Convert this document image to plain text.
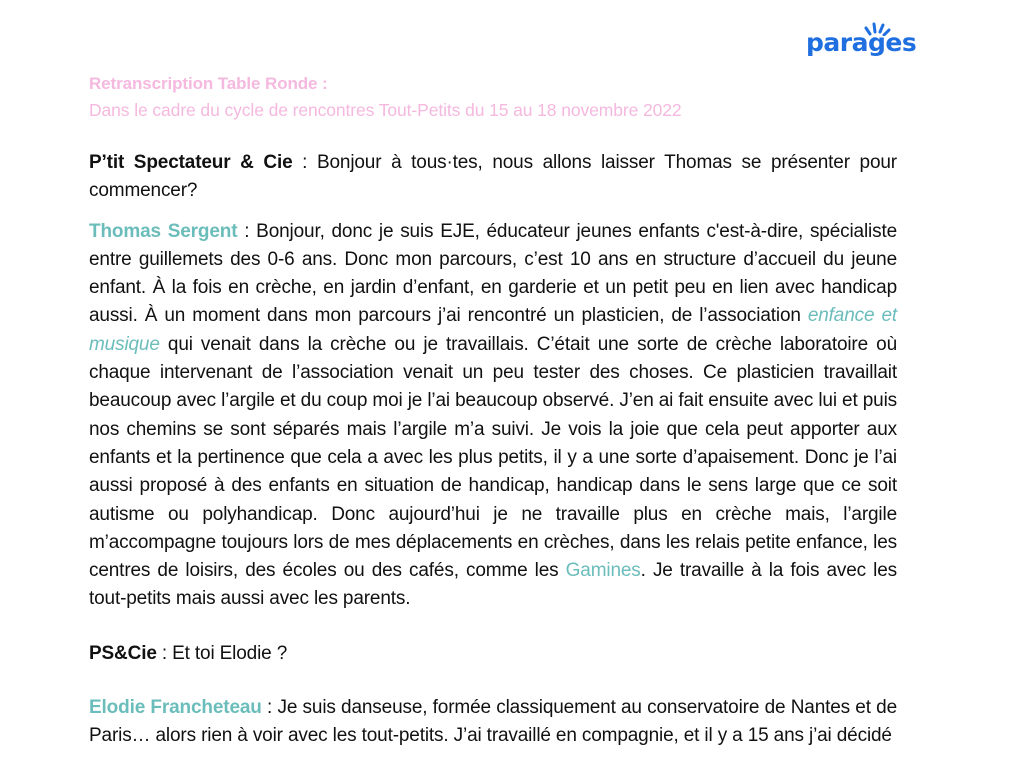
parages
Retranscription Table Ronde :
Dans le cadre du cycle de rencontres Tout-Petits du 15 au 18 novembre 2022

P’tit Spectateur & Cie : Bonjour à tous·tes, nous allons laisser Thomas se présenter pour commencer?

Thomas Sergent : Bonjour, donc je suis EJE, éducateur jeunes enfants c'est-à-dire, spécialiste entre guillemets des 0-6 ans. Donc mon parcours, c’est 10 ans en structure d’accueil du jeune enfant. À la fois en crèche, en jardin d’enfant, en garderie et un petit peu en lien avec handicap aussi. À un moment dans mon parcours j’ai rencontré un plasticien, de l’association enfance et musique qui venait dans la crèche ou je travaillais. C’était une sorte de crèche laboratoire où chaque intervenant de l’association venait un peu tester des choses. Ce plasticien travaillait beaucoup avec l’argile et du coup moi je l’ai beaucoup observé. J’en ai fait ensuite avec lui et puis nos chemins se sont séparés mais l’argile m’a suivi. Je vois la joie que cela peut apporter aux enfants et la pertinence que cela a avec les plus petits, il y a une sorte d’apaisement. Donc je l’ai aussi proposé à des enfants en situation de handicap, handicap dans le sens large que ce soit autisme ou polyhandicap. Donc aujourd’hui je ne travaille plus en crèche mais, l’argile m’accompagne toujours lors de mes déplacements en crèches, dans les relais petite enfance, les centres de loisirs, des écoles ou des cafés, comme les Gamines. Je travaille à la fois avec les tout-petits mais aussi avec les parents.

PS&Cie : Et toi Elodie ?

Elodie Francheteau : Je suis danseuse, formée classiquement au conservatoire de Nantes et de Paris… alors rien à voir avec les tout-petits. J’ai travaillé en compagnie, et il y a 15 ans j’ai décidé
